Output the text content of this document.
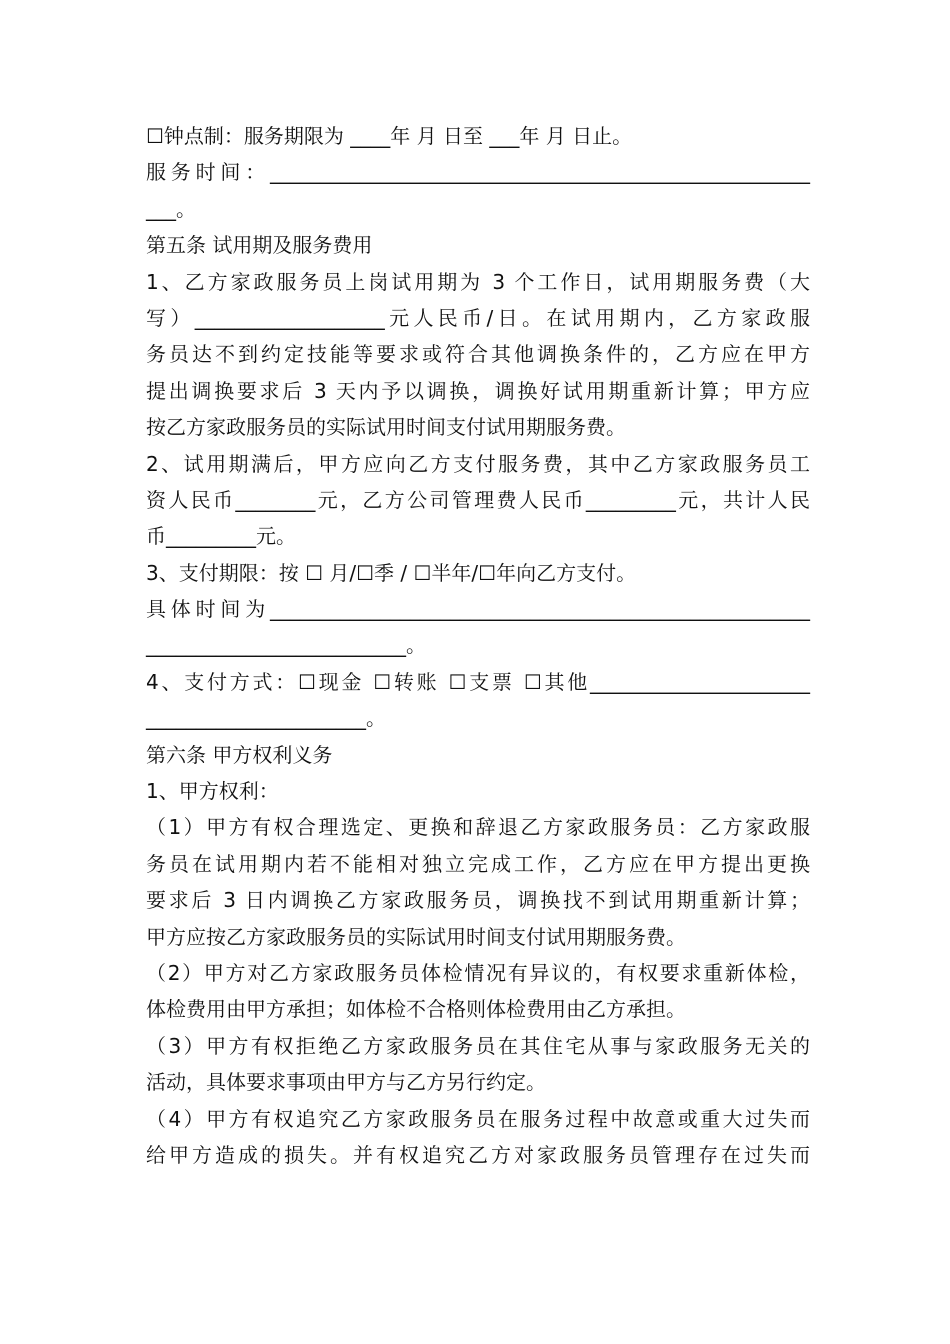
☐钟点制：服务期限为 ____年 月 日至 ___年 月 日止。
服务时间：______________________________________________________
___。
第五条 试用期及服务费用
1、乙方家政服务员上岗试用期为 3 个工作日，试用期服务费（大
写）___________________元人民币/日。在试用期内，乙方家政服
务员达不到约定技能等要求或符合其他调换条件的，乙方应在甲方
提出调换要求后 3 天内予以调换，调换好试用期重新计算；甲方应
按乙方家政服务员的实际试用时间支付试用期服务费。
2、试用期满后，甲方应向乙方支付服务费，其中乙方家政服务员工
资人民币________元，乙方公司管理费人民币_________元，共计人民
币_________元。
3、支付期限：按 ☐ 月/☐季 / ☐半年/☐年向乙方支付。
具体时间为______________________________________________________
__________________________。
4、支付方式：☐现金 ☐转账 ☐支票 ☐其他______________________
______________________。
第六条 甲方权利义务
1、甲方权利：
（1）甲方有权合理选定、更换和辞退乙方家政服务员：乙方家政服
务员在试用期内若不能相对独立完成工作，乙方应在甲方提出更换
要求后 3 日内调换乙方家政服务员，调换找不到试用期重新计算；
甲方应按乙方家政服务员的实际试用时间支付试用期服务费。
（2）甲方对乙方家政服务员体检情况有异议的，有权要求重新体检，
体检费用由甲方承担；如体检不合格则体检费用由乙方承担。
（3）甲方有权拒绝乙方家政服务员在其住宅从事与家政服务无关的
活动，具体要求事项由甲方与乙方另行约定。
（4）甲方有权追究乙方家政服务员在服务过程中故意或重大过失而
给甲方造成的损失。并有权追究乙方对家政服务员管理存在过失而
